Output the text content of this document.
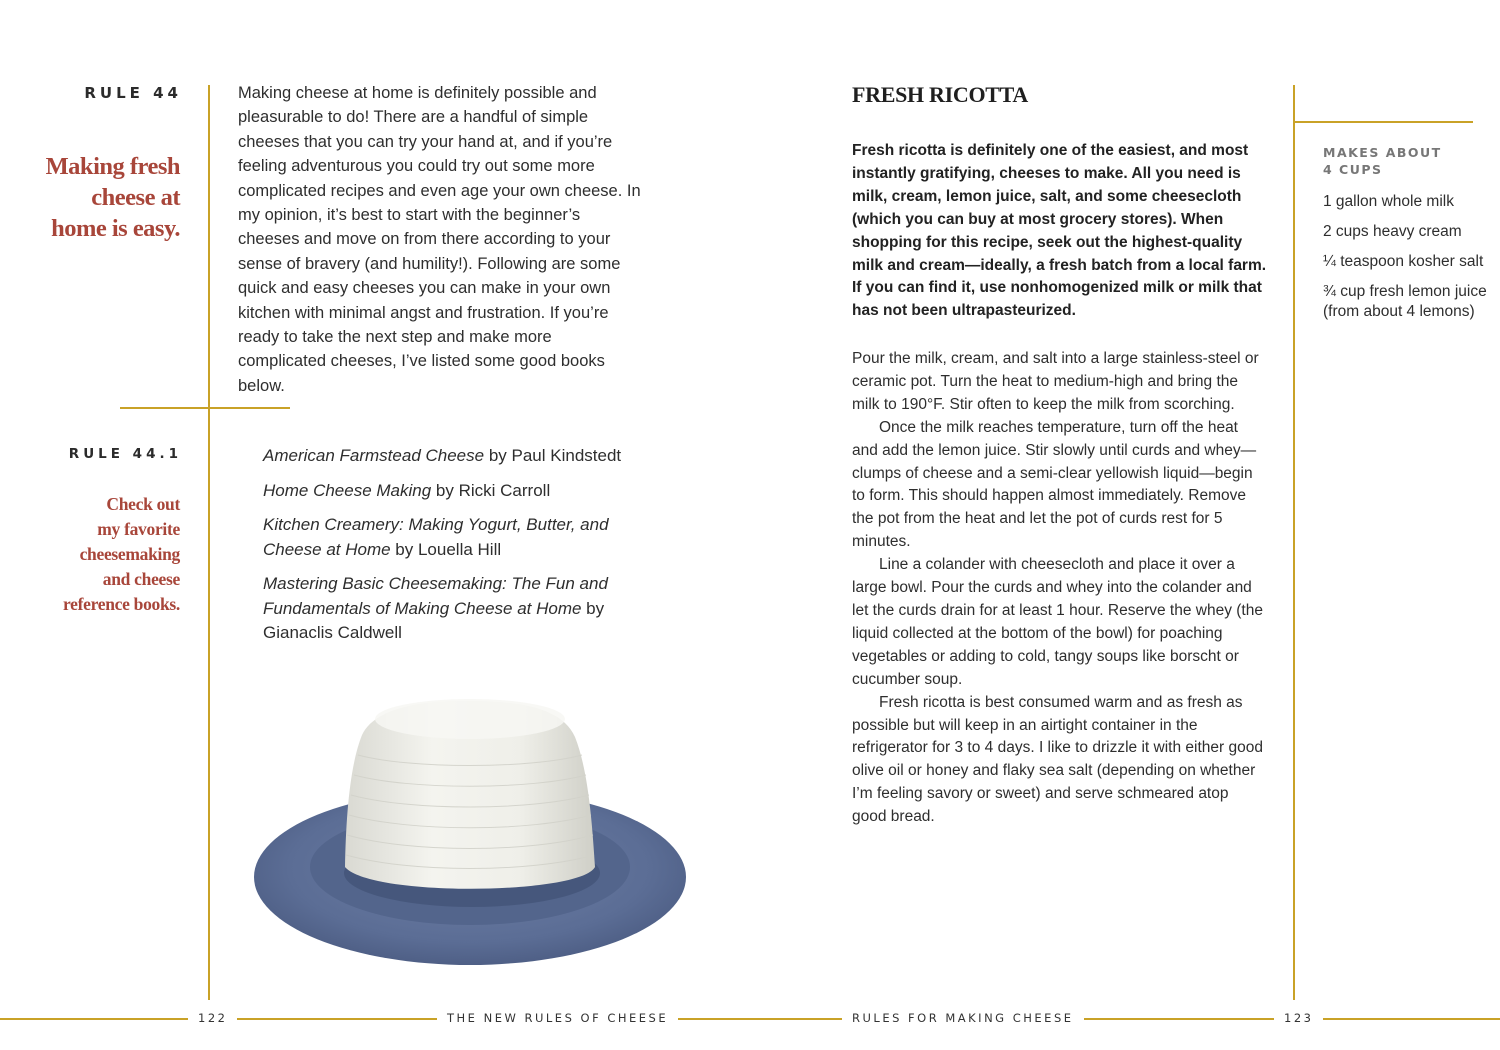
RULE 44
Making fresh
cheese at
home is easy.
Making cheese at home is definitely possible and pleasurable to do! There are a handful of simple cheeses that you can try your hand at, and if you’re feeling adventurous you could try out some more complicated recipes and even age your own cheese. In my opinion, it’s best to start with the beginner’s cheeses and move on from there according to your sense of bravery (and humility!). Following are some quick and easy cheeses you can make in your own kitchen with minimal angst and frustration. If you’re ready to take the next step and make more complicated cheeses, I’ve listed some good books below.
RULE 44.1
Check out
my favorite
cheesemaking
and cheese
reference books.

American Farmstead Cheese by Paul Kindstedt

Home Cheese Making by Ricki Carroll

Kitchen Creamery: Making Yogurt, Butter, and Cheese at Home by Louella Hill

Mastering Basic Cheesemaking: The Fun and Fundamentals of Making Cheese at Home by Gianaclis Caldwell

122	THE NEW RULES OF CHEESE
FRESH RICOTTA
Fresh ricotta is definitely one of the easiest, and most instantly gratifying, cheeses to make. All you need is milk, cream, lemon juice, salt, and some cheesecloth (which you can buy at most grocery stores). When shopping for this recipe, seek out the highest-quality milk and cream—ideally, a fresh batch from a local farm. If you can find it, use nonhomogenized milk or milk that has not been ultrapasteurized.

Pour the milk, cream, and salt into a large stainless-steel or ceramic pot. Turn the heat to medium-high and bring the milk to 190°F. Stir often to keep the milk from scorching.

Once the milk reaches temperature, turn off the heat and add the lemon juice. Stir slowly until curds and whey—clumps of cheese and a semi-clear yellowish liquid—begin to form. This should happen almost immediately. Remove the pot from the heat and let the pot of curds rest for 5 minutes.

Line a colander with cheesecloth and place it over a large bowl. Pour the curds and whey into the colander and let the curds drain for at least 1 hour. Reserve the whey (the liquid collected at the bottom of the bowl) for poaching vegetables or adding to cold, tangy soups like borscht or cucumber soup.

Fresh ricotta is best consumed warm and as fresh as possible but will keep in an airtight container in the refrigerator for 3 to 4 days. I like to drizzle it with either good olive oil or honey and flaky sea salt (depending on whether I’m feeling savory or sweet) and serve schmeared atop good bread.

MAKES ABOUT
4 CUPS

1 gallon whole milk

2 cups heavy cream

¼ teaspoon kosher salt

¾ cup fresh lemon juice (from about 4 lemons)

RULES FOR MAKING CHEESE	123
